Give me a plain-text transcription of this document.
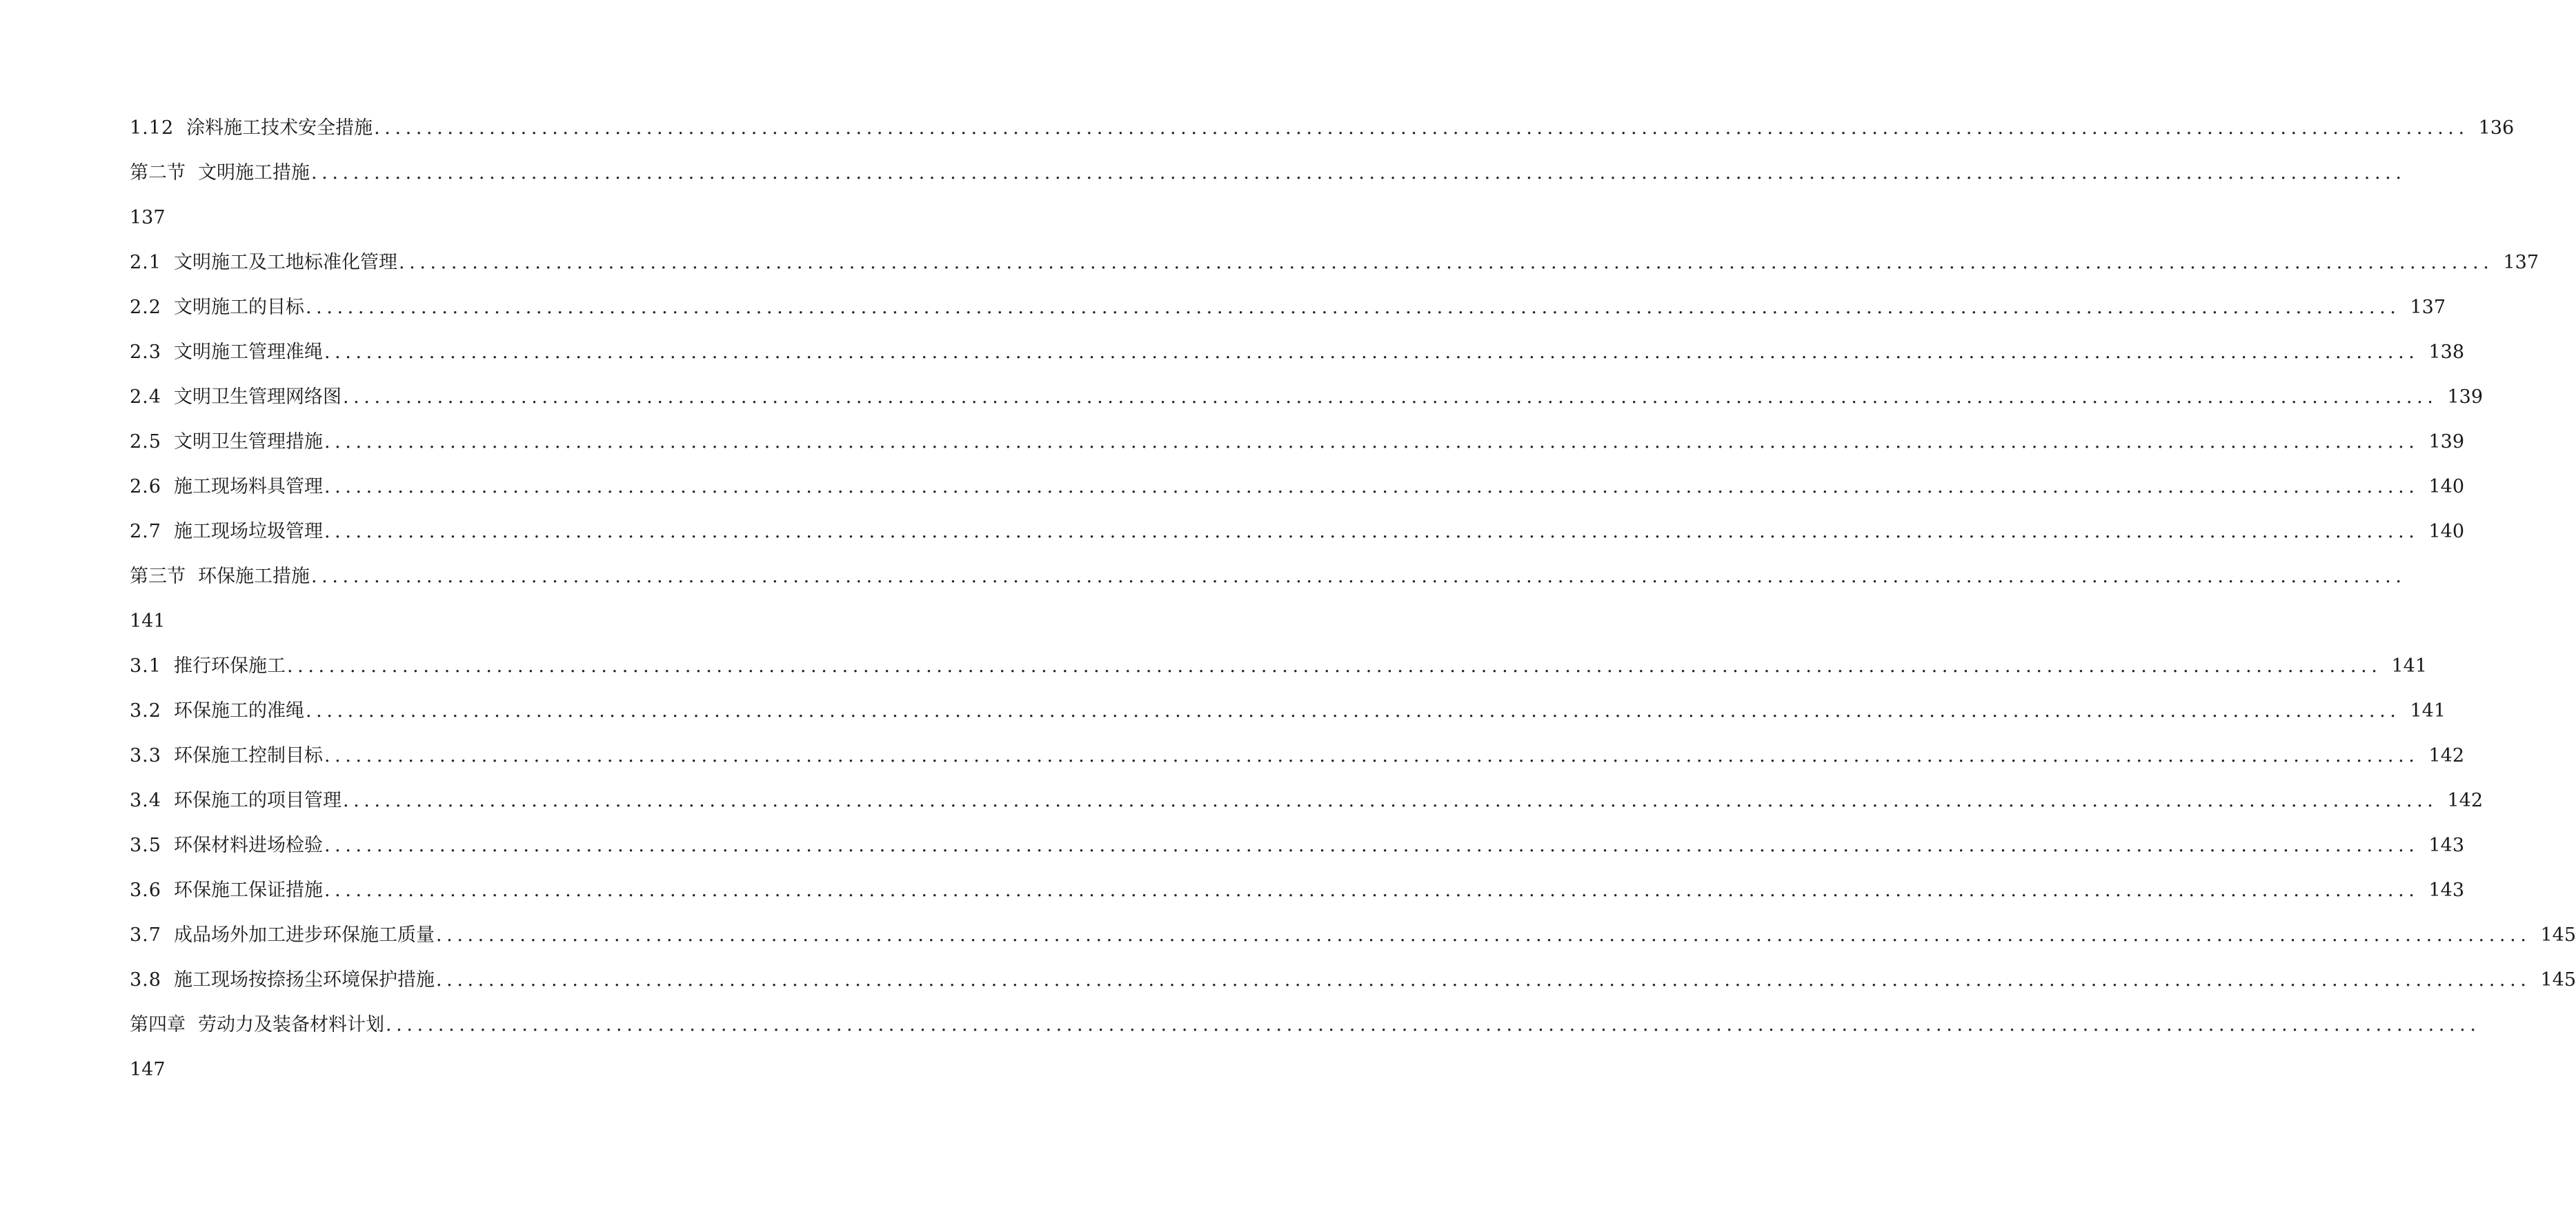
1.12 涂料施工技术安全措施 ........................................................................................................................................................................................................ 136
第二节 文明施工措施 ........................................................................................................................................................................................................
137
2.1 文明施工及工地标准化管理 ........................................................................................................................................................................................................ 137
2.2 文明施工的目标 ........................................................................................................................................................................................................ 137
2.3 文明施工管理准绳 ........................................................................................................................................................................................................ 138
2.4 文明卫生管理网络图 ........................................................................................................................................................................................................ 139
2.5 文明卫生管理措施 ........................................................................................................................................................................................................ 139
2.6 施工现场料具管理 ........................................................................................................................................................................................................ 140
2.7 施工现场垃圾管理 ........................................................................................................................................................................................................ 140
第三节 环保施工措施 ........................................................................................................................................................................................................
141
3.1 推行环保施工 ........................................................................................................................................................................................................ 141
3.2 环保施工的准绳 ........................................................................................................................................................................................................ 141
3.3 环保施工控制目标 ........................................................................................................................................................................................................ 142
3.4 环保施工的项目管理 ........................................................................................................................................................................................................ 142
3.5 环保材料进场检验 ........................................................................................................................................................................................................ 143
3.6 环保施工保证措施 ........................................................................................................................................................................................................ 143
3.7 成品场外加工进步环保施工质量 ........................................................................................................................................................................................................ 145
3.8 施工现场按捺扬尘环境保护措施 ........................................................................................................................................................................................................ 145
第四章 劳动力及装备材料计划 ........................................................................................................................................................................................................
147
